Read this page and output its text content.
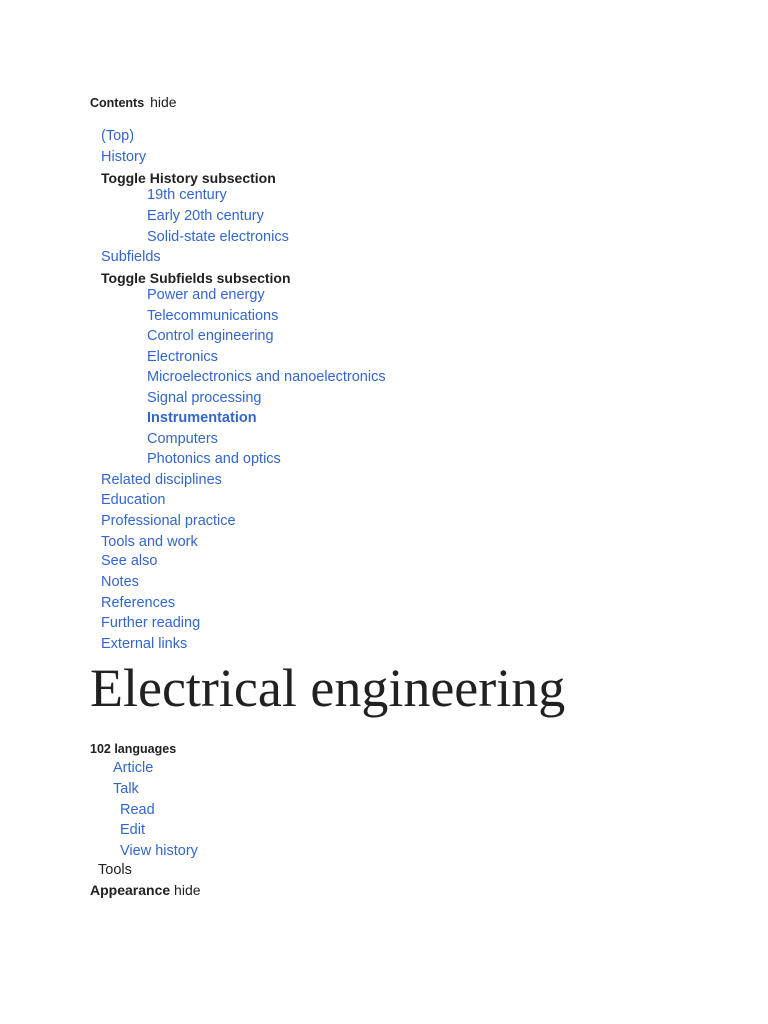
Contents hide
(Top)
History
Toggle History subsection
19th century
Early 20th century
Solid-state electronics
Subfields
Toggle Subfields subsection
Power and energy
Telecommunications
Control engineering
Electronics
Microelectronics and nanoelectronics
Signal processing
Instrumentation
Computers
Photonics and optics
Related disciplines
Education
Professional practice
Tools and work
See also
Notes
References
Further reading
External links
Electrical engineering
102 languages
Article
Talk
Read
Edit
View history
Tools
Appearance hide
